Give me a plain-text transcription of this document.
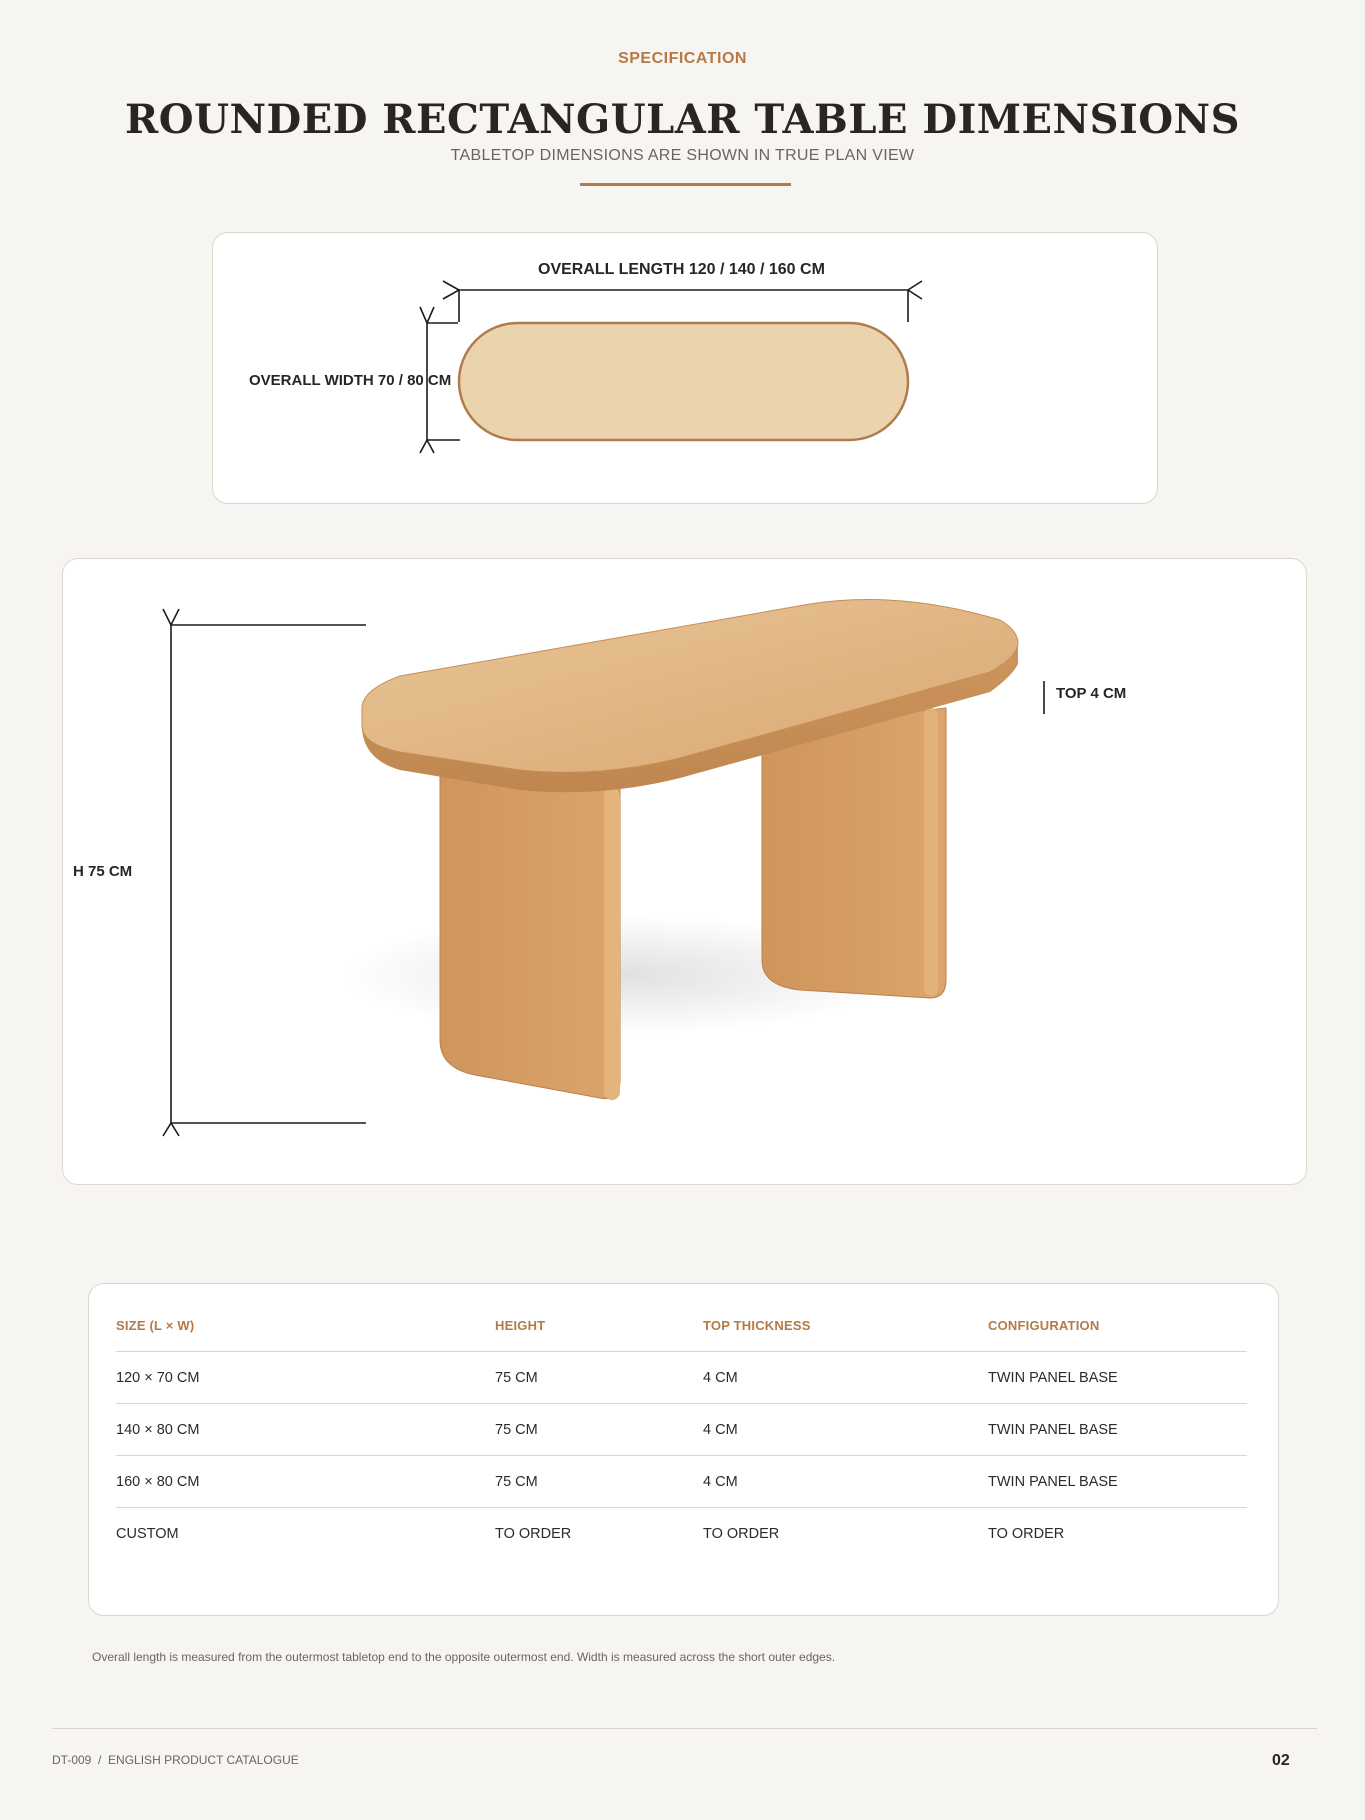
SPECIFICATION
ROUNDED RECTANGULAR TABLE DIMENSIONS
TABLETOP DIMENSIONS ARE SHOWN IN TRUE PLAN VIEW
OVERALL LENGTH 120 / 140 / 160 CM
OVERALL WIDTH 70 / 80 CM
H 75 CM
TOP 4 CM
SIZE (L × W)	HEIGHT	TOP THICKNESS	CONFIGURATION
120 × 70 CM	75 CM	4 CM	TWIN PANEL BASE
140 × 80 CM	75 CM	4 CM	TWIN PANEL BASE
160 × 80 CM	75 CM	4 CM	TWIN PANEL BASE
CUSTOM	TO ORDER	TO ORDER	TO ORDER
Overall length is measured from the outermost tabletop end to the opposite outermost end. Width is measured across the short outer edges.
DT-009 / ENGLISH PRODUCT CATALOGUE	02
